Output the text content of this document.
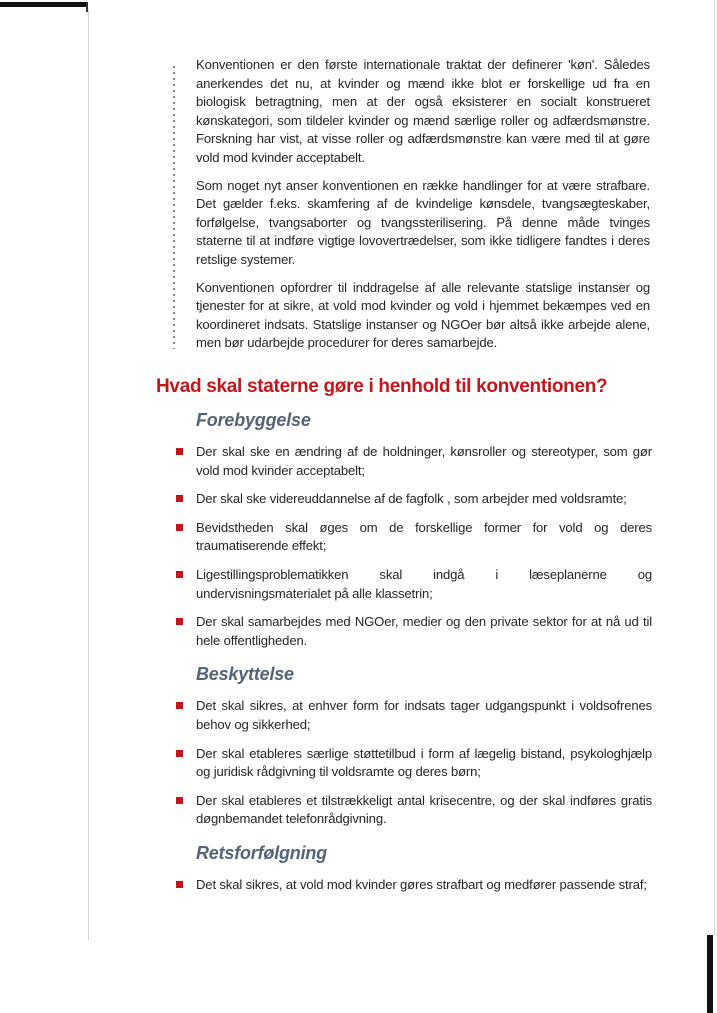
Konventionen er den første internationale traktat der definerer 'køn'. Således anerkendes det nu, at kvinder og mænd ikke blot er forskellige ud fra en biologisk betragtning, men at der også eksisterer en socialt konstrueret kønskategori, som tildeler kvinder og mænd særlige roller og adfærdsmønstre. Forskning har vist, at visse roller og adfærdsmønstre kan være med til at gøre vold mod kvinder acceptabelt.

Som noget nyt anser konventionen en række handlinger for at være strafbare. Det gælder f.eks. skamfering af de kvindelige kønsdele, tvangsægteskaber, forfølgelse, tvangsaborter og tvangssterilisering. På denne måde tvinges staterne til at indføre vigtige lovovertrædelser, som ikke tidligere fandtes i deres retslige systemer.

Konventionen opfordrer til inddragelse af alle relevante statslige instanser og tjenester for at sikre, at vold mod kvinder og vold i hjemmet bekæmpes ved en koordineret indsats. Statslige instanser og NGOer bør altså ikke arbejde alene, men bør udarbejde procedurer for deres samarbejde.

Hvad skal staterne gøre i henhold til konventionen?
Forebyggelse
Der skal ske en ændring af de holdninger, kønsroller og stereotyper, som gør vold mod kvinder acceptabelt;
Der skal ske videreuddannelse af de fagfolk , som arbejder med voldsramte;
Bevidstheden skal øges om de forskellige former for vold og deres traumatiserende effekt;
Ligestillingsproblematikken skal indgå i læseplanerne og undervisningsmaterialet på alle klassetrin;
Der skal samarbejdes med NGOer, medier og den private sektor for at nå ud til hele offentligheden.
Beskyttelse
Det skal sikres, at enhver form for indsats tager udgangspunkt i voldsofrenes behov og sikkerhed;
Der skal etableres særlige støttetilbud i form af lægelig bistand, psykologhjælp og juridisk rådgivning til voldsramte og deres børn;
Der skal etableres et tilstrækkeligt antal krisecentre, og der skal indføres gratis døgnbemandet telefonrådgivning.
Retsforfølgning
Det skal sikres, at vold mod kvinder gøres strafbart og medfører passende straf;
